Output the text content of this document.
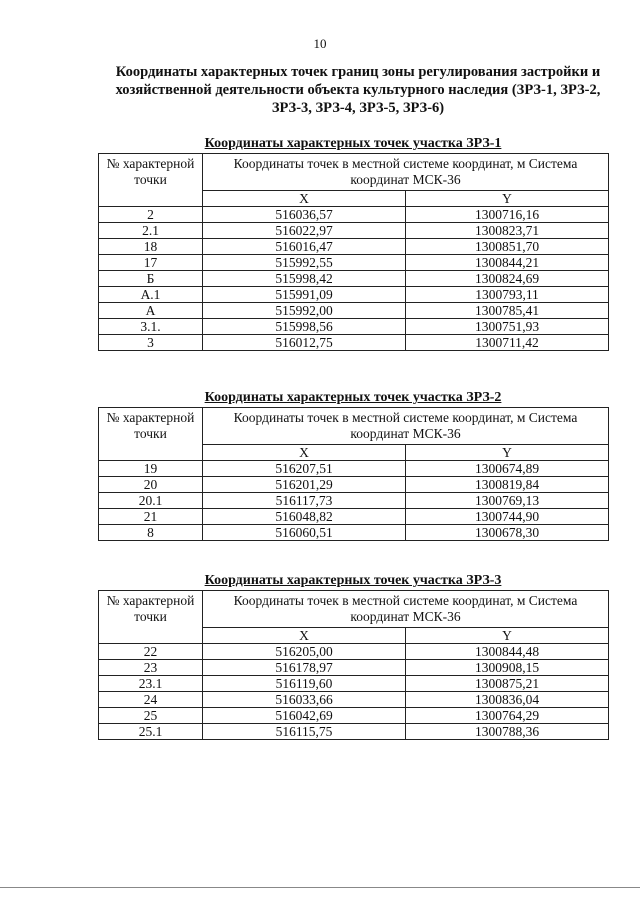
10
Координаты характерных точек границ зоны регулирования застройки и хозяйственной деятельности объекта культурного наследия (ЗРЗ-1, ЗРЗ-2, ЗРЗ-3, ЗРЗ-4, ЗРЗ-5, ЗРЗ-6)
Координаты характерных точек участка ЗРЗ-1
№ характерной точки	Координаты точек в местной системе координат, м Система координат МСК-36	
	X	Y
2	516036,57	1300716,16
2.1	516022,97	1300823,71
18	516016,47	1300851,70
17	515992,55	1300844,21
Б	515998,42	1300824,69
А.1	515991,09	1300793,11
А	515992,00	1300785,41
3.1.	515998,56	1300751,93
3	516012,75	1300711,42
Координаты характерных точек участка ЗРЗ-2
№ характерной точки	Координаты точек в местной системе координат, м Система координат МСК-36	
	X	Y
19	516207,51	1300674,89
20	516201,29	1300819,84
20.1	516117,73	1300769,13
21	516048,82	1300744,90
8	516060,51	1300678,30
Координаты характерных точек участка ЗРЗ-3
№ характерной точки	Координаты точек в местной системе координат, м Система координат МСК-36	
	X	Y
22	516205,00	1300844,48
23	516178,97	1300908,15
23.1	516119,60	1300875,21
24	516033,66	1300836,04
25	516042,69	1300764,29
25.1	516115,75	1300788,36
